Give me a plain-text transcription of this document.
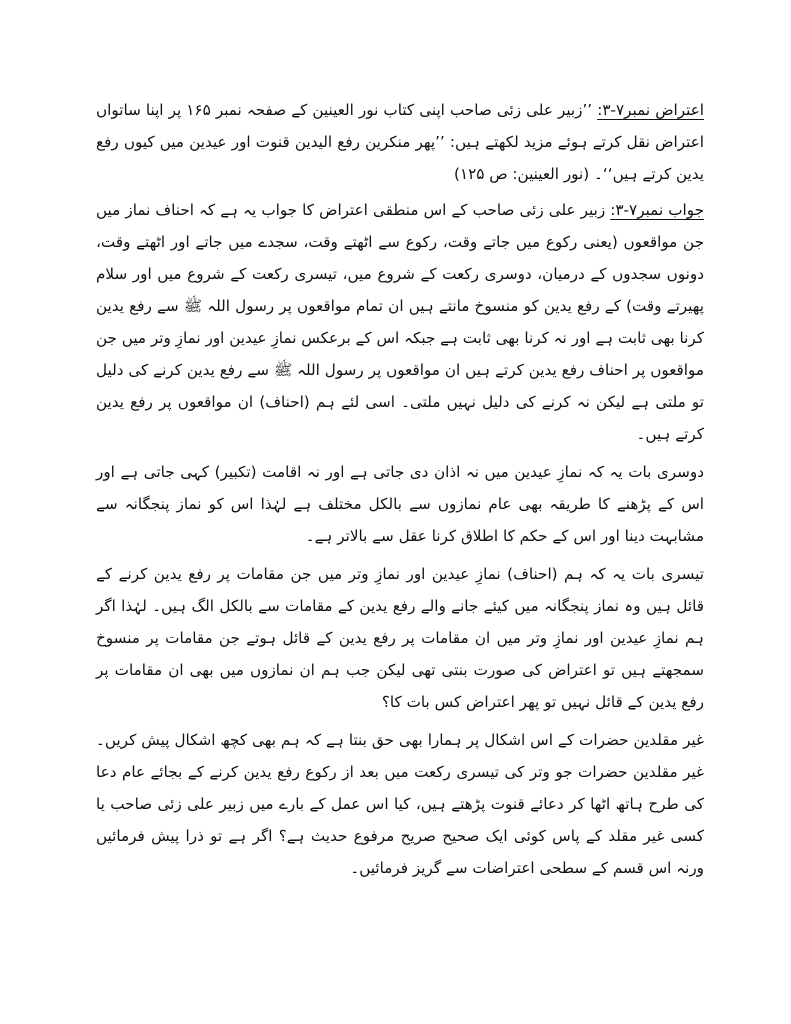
اعتراض نمبر۷-۳: ’’زبیر علی زئی صاحب اپنی کتاب نور العینین کے صفحہ نمبر ۱۶۵ پر اپنا ساتواں اعتراض نقل کرتے ہوئے مزید لکھتے ہیں: ’’پھر منکرین رفع الیدین قنوت اور عیدین میں کیوں رفع یدین کرتے ہیں‘‘۔ (نور العینین: ص ۱۲۵)

جواب نمبر۷-۳: زبیر علی زئی صاحب کے اس منطقی اعتراض کا جواب یہ ہے کہ احناف نماز میں جن مواقعوں (یعنی رکوع میں جاتے وقت، رکوع سے اٹھتے وقت، سجدے میں جاتے اور اٹھتے وقت، دونوں سجدوں کے درمیان، دوسری رکعت کے شروع میں، تیسری رکعت کے شروع میں اور سلام پھیرتے وقت) کے رفع یدین کو منسوخ مانتے ہیں ان تمام مواقعوں پر رسول اللہ ﷺ سے رفع یدین کرنا بھی ثابت ہے اور نہ کرنا بھی ثابت ہے جبکہ اس کے برعکس نمازِ عیدین اور نمازِ وتر میں جن مواقعوں پر احناف رفع یدین کرتے ہیں ان مواقعوں پر رسول اللہ ﷺ سے رفع یدین کرنے کی دلیل تو ملتی ہے لیکن نہ کرنے کی دلیل نہیں ملتی۔ اسی لئے ہم (احناف) ان مواقعوں پر رفع یدین کرتے ہیں۔

دوسری بات یہ کہ نمازِ عیدین میں نہ اذان دی جاتی ہے اور نہ اقامت (تکبیر) کہی جاتی ہے اور اس کے پڑھنے کا طریقہ بھی عام نمازوں سے بالکل مختلف ہے لہٰذا اس کو نماز پنجگانہ سے مشابہت دینا اور اس کے حکم کا اطلاق کرنا عقل سے بالاتر ہے۔

تیسری بات یہ کہ ہم (احناف) نمازِ عیدین اور نمازِ وتر میں جن مقامات پر رفع یدین کرنے کے قائل ہیں وہ نماز پنجگانہ میں کیئے جانے والے رفع یدین کے مقامات سے بالکل الگ ہیں۔ لہٰذا اگر ہم نمازِ عیدین اور نمازِ وتر میں ان مقامات پر رفع یدین کے قائل ہوتے جن مقامات پر منسوخ سمجھتے ہیں تو اعتراض کی صورت بنتی تھی لیکن جب ہم ان نمازوں میں بھی ان مقامات پر رفع یدین کے قائل نہیں تو پھر اعتراض کس بات کا؟

غیر مقلدین حضرات کے اس اشکال پر ہمارا بھی حق بنتا ہے کہ ہم بھی کچھ اشکال پیش کریں۔ غیر مقلدین حضرات جو وتر کی تیسری رکعت میں بعد از رکوع رفع یدین کرنے کے بجائے عام دعا کی طرح ہاتھ اٹھا کر دعائے قنوت پڑھتے ہیں، کیا اس عمل کے بارے میں زبیر علی زئی صاحب یا کسی غیر مقلد کے پاس کوئی ایک صحیح صریح مرفوع حدیث ہے؟ اگر ہے تو ذرا پیش فرمائیں ورنہ اس قسم کے سطحی اعتراضات سے گریز فرمائیں۔
